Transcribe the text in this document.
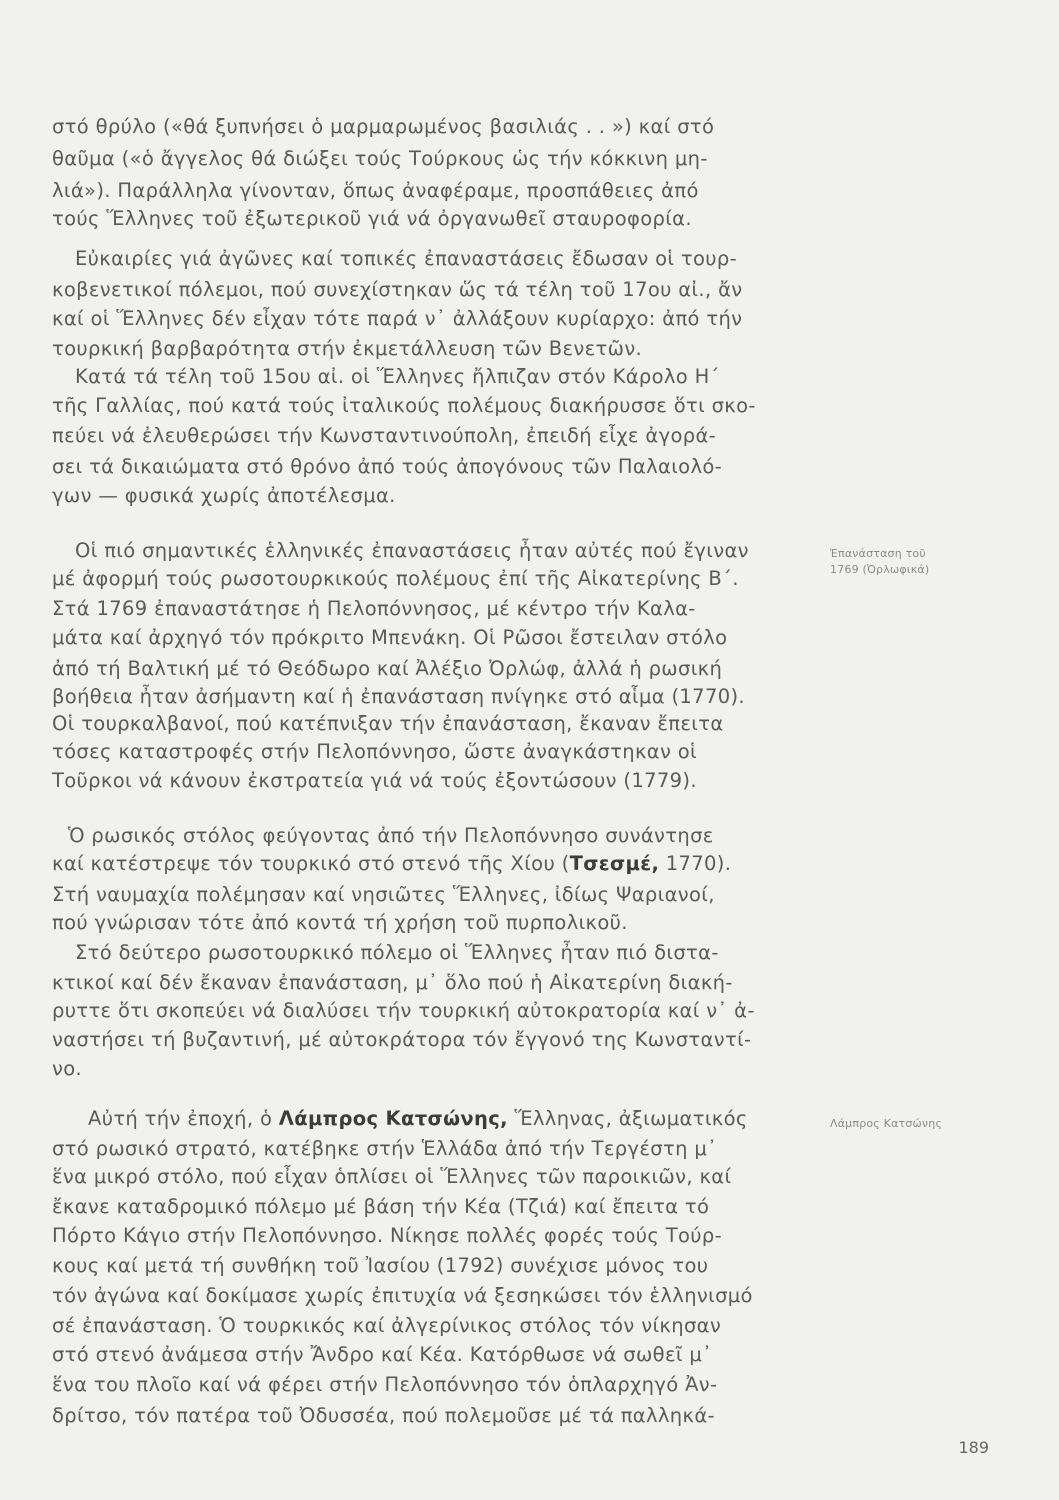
στό θρύλο («θά ξυπνήσει ὁ μαρμαρωμένος βασιλιάς . . ») καί στό
θαῦμα («ὁ ἄγγελος θά διώξει τούς Τούρκους ὡς τήν κόκκινη μη-
λιά»). Παράλληλα γίνονταν, ὅπως ἀναφέραμε, προσπάθειες ἀπό
τούς Ἕλληνες τοῦ ἐξωτερικοῦ γιά νά ὀργανωθεῖ σταυροφορία.
Εὐκαιρίες γιά ἀγῶνες καί τοπικές ἐπαναστάσεις ἔδωσαν οἱ τουρ-
κοβενετικοί πόλεμοι, πού συνεχίστηκαν ὥς τά τέλη τοῦ 17ου αἰ., ἄν
καί οἱ Ἕλληνες δέν εἶχαν τότε παρά ν᾽ ἀλλάξουν κυρίαρχο: ἀπό τήν
τουρκική βαρβαρότητα στήν ἐκμετάλλευση τῶν Βενετῶν.
Κατά τά τέλη τοῦ 15ου αἰ. οἱ Ἕλληνες ἤλπιζαν στόν Κάρολο Η´
τῆς Γαλλίας, πού κατά τούς ἰταλικούς πολέμους διακήρυσσε ὅτι σκο-
πεύει νά ἐλευθερώσει τήν Κωνσταντινούπολη, ἐπειδή εἶχε ἀγορά-
σει τά δικαιώματα στό θρόνο ἀπό τούς ἀπογόνους τῶν Παλαιολό-
γων — φυσικά χωρίς ἀποτέλεσμα.
Οἱ πιό σημαντικές ἑλληνικές ἐπαναστάσεις ἦταν αὐτές πού ἔγιναν
μέ ἀφορμή τούς ρωσοτουρκικούς πολέμους ἐπί τῆς Αἰκατερίνης Β´.
Στά 1769 ἐπαναστάτησε ἡ Πελοπόννησος, μέ κέντρο τήν Καλα-
μάτα καί ἀρχηγό τόν πρόκριτο Μπενάκη. Οἱ Ρῶσοι ἔστειλαν στόλο
ἀπό τή Βαλτική μέ τό Θεόδωρο καί Ἀλέξιο Ὀρλώφ, ἀλλά ἡ ρωσική
βοήθεια ἦταν ἀσήμαντη καί ἡ ἐπανάσταση πνίγηκε στό αἷμα (1770).
Οἱ τουρκαλβανοί, πού κατέπνιξαν τήν ἐπανάσταση, ἔκαναν ἔπειτα
τόσες καταστροφές στήν Πελοπόννησο, ὥστε ἀναγκάστηκαν οἱ
Τοῦρκοι νά κάνουν ἐκστρατεία γιά νά τούς ἐξοντώσουν (1779).
Ὁ ρωσικός στόλος φεύγοντας ἀπό τήν Πελοπόννησο συνάντησε
καί κατέστρεψε τόν τουρκικό στό στενό τῆς Χίου (Τσεσμέ, 1770).
Στή ναυμαχία πολέμησαν καί νησιῶτες Ἕλληνες, ἰδίως Ψαριανοί,
πού γνώρισαν τότε ἀπό κοντά τή χρήση τοῦ πυρπολικοῦ.
Στό δεύτερο ρωσοτουρκικό πόλεμο οἱ Ἕλληνες ἦταν πιό διστα-
κτικοί καί δέν ἔκαναν ἐπανάσταση, μ᾽ ὅλο πού ἡ Αἰκατερίνη διακή-
ρυττε ὅτι σκοπεύει νά διαλύσει τήν τουρκική αὐτοκρατορία καί ν᾽ ἀ-
ναστήσει τή βυζαντινή, μέ αὐτοκράτορα τόν ἔγγονό της Κωνσταντί-
νο.
Αὐτή τήν ἐποχή, ὁ Λάμπρος Κατσώνης, Ἕλληνας, ἀξιωματικός
στό ρωσικό στρατό, κατέβηκε στήν Ἑλλάδα ἀπό τήν Τεργέστη μ᾽
ἕνα μικρό στόλο, πού εἶχαν ὁπλίσει οἱ Ἕλληνες τῶν παροικιῶν, καί
ἔκανε καταδρομικό πόλεμο μέ βάση τήν Κέα (Τζιά) καί ἔπειτα τό
Πόρτο Κάγιο στήν Πελοπόννησο. Νίκησε πολλές φορές τούς Τούρ-
κους καί μετά τή συνθήκη τοῦ Ἰασίου (1792) συνέχισε μόνος του
τόν ἀγώνα καί δοκίμασε χωρίς ἐπιτυχία νά ξεσηκώσει τόν ἑλληνισμό
σέ ἐπανάσταση. Ὁ τουρκικός καί ἀλγερίνικος στόλος τόν νίκησαν
στό στενό ἀνάμεσα στήν Ἄνδρο καί Κέα. Κατόρθωσε νά σωθεῖ μ᾽
ἕνα του πλοῖο καί νά φέρει στήν Πελοπόννησο τόν ὁπλαρχηγό Ἀν-
δρίτσο, τόν πατέρα τοῦ Ὀδυσσέα, πού πολεμοῦσε μέ τά παλληκά-
Ἐπανάσταση τοῦ
1769 (Ὀρλωφικά)
Λάμπρος Κατσώνης
189
